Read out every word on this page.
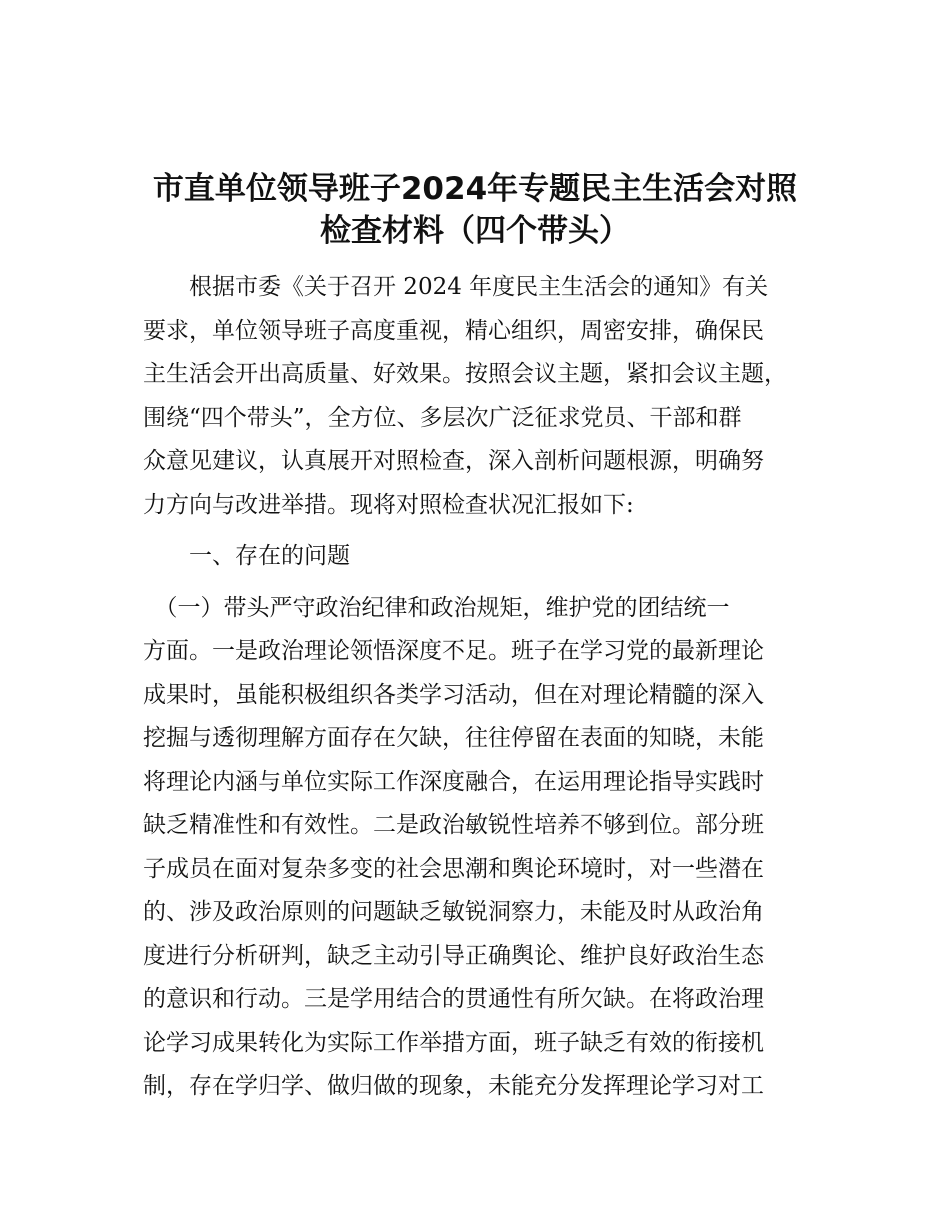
市直单位领导班子2024年专题民主生活会对照
检查材料（四个带头）
　　根据市委《关于召开 2024 年度民主生活会的通知》有关
要求，单位领导班子高度重视，精心组织，周密安排，确保民
主生活会开出高质量、好效果。按照会议主题，紧扣会议主题，
围绕“四个带头”，全方位、多层次广泛征求党员、干部和群
众意见建议，认真展开对照检查，深入剖析问题根源，明确努
力方向与改进举措。现将对照检查状况汇报如下:
　　一、存在的问题
　（一）带头严守政治纪律和政治规矩，维护党的团结统一
方面。一是政治理论领悟深度不足。班子在学习党的最新理论
成果时，虽能积极组织各类学习活动，但在对理论精髓的深入
挖掘与透彻理解方面存在欠缺，往往停留在表面的知晓，未能
将理论内涵与单位实际工作深度融合，在运用理论指导实践时
缺乏精准性和有效性。二是政治敏锐性培养不够到位。部分班
子成员在面对复杂多变的社会思潮和舆论环境时，对一些潜在
的、涉及政治原则的问题缺乏敏锐洞察力，未能及时从政治角
度进行分析研判，缺乏主动引导正确舆论、维护良好政治生态
的意识和行动。三是学用结合的贯通性有所欠缺。在将政治理
论学习成果转化为实际工作举措方面，班子缺乏有效的衔接机
制，存在学归学、做归做的现象，未能充分发挥理论学习对工
